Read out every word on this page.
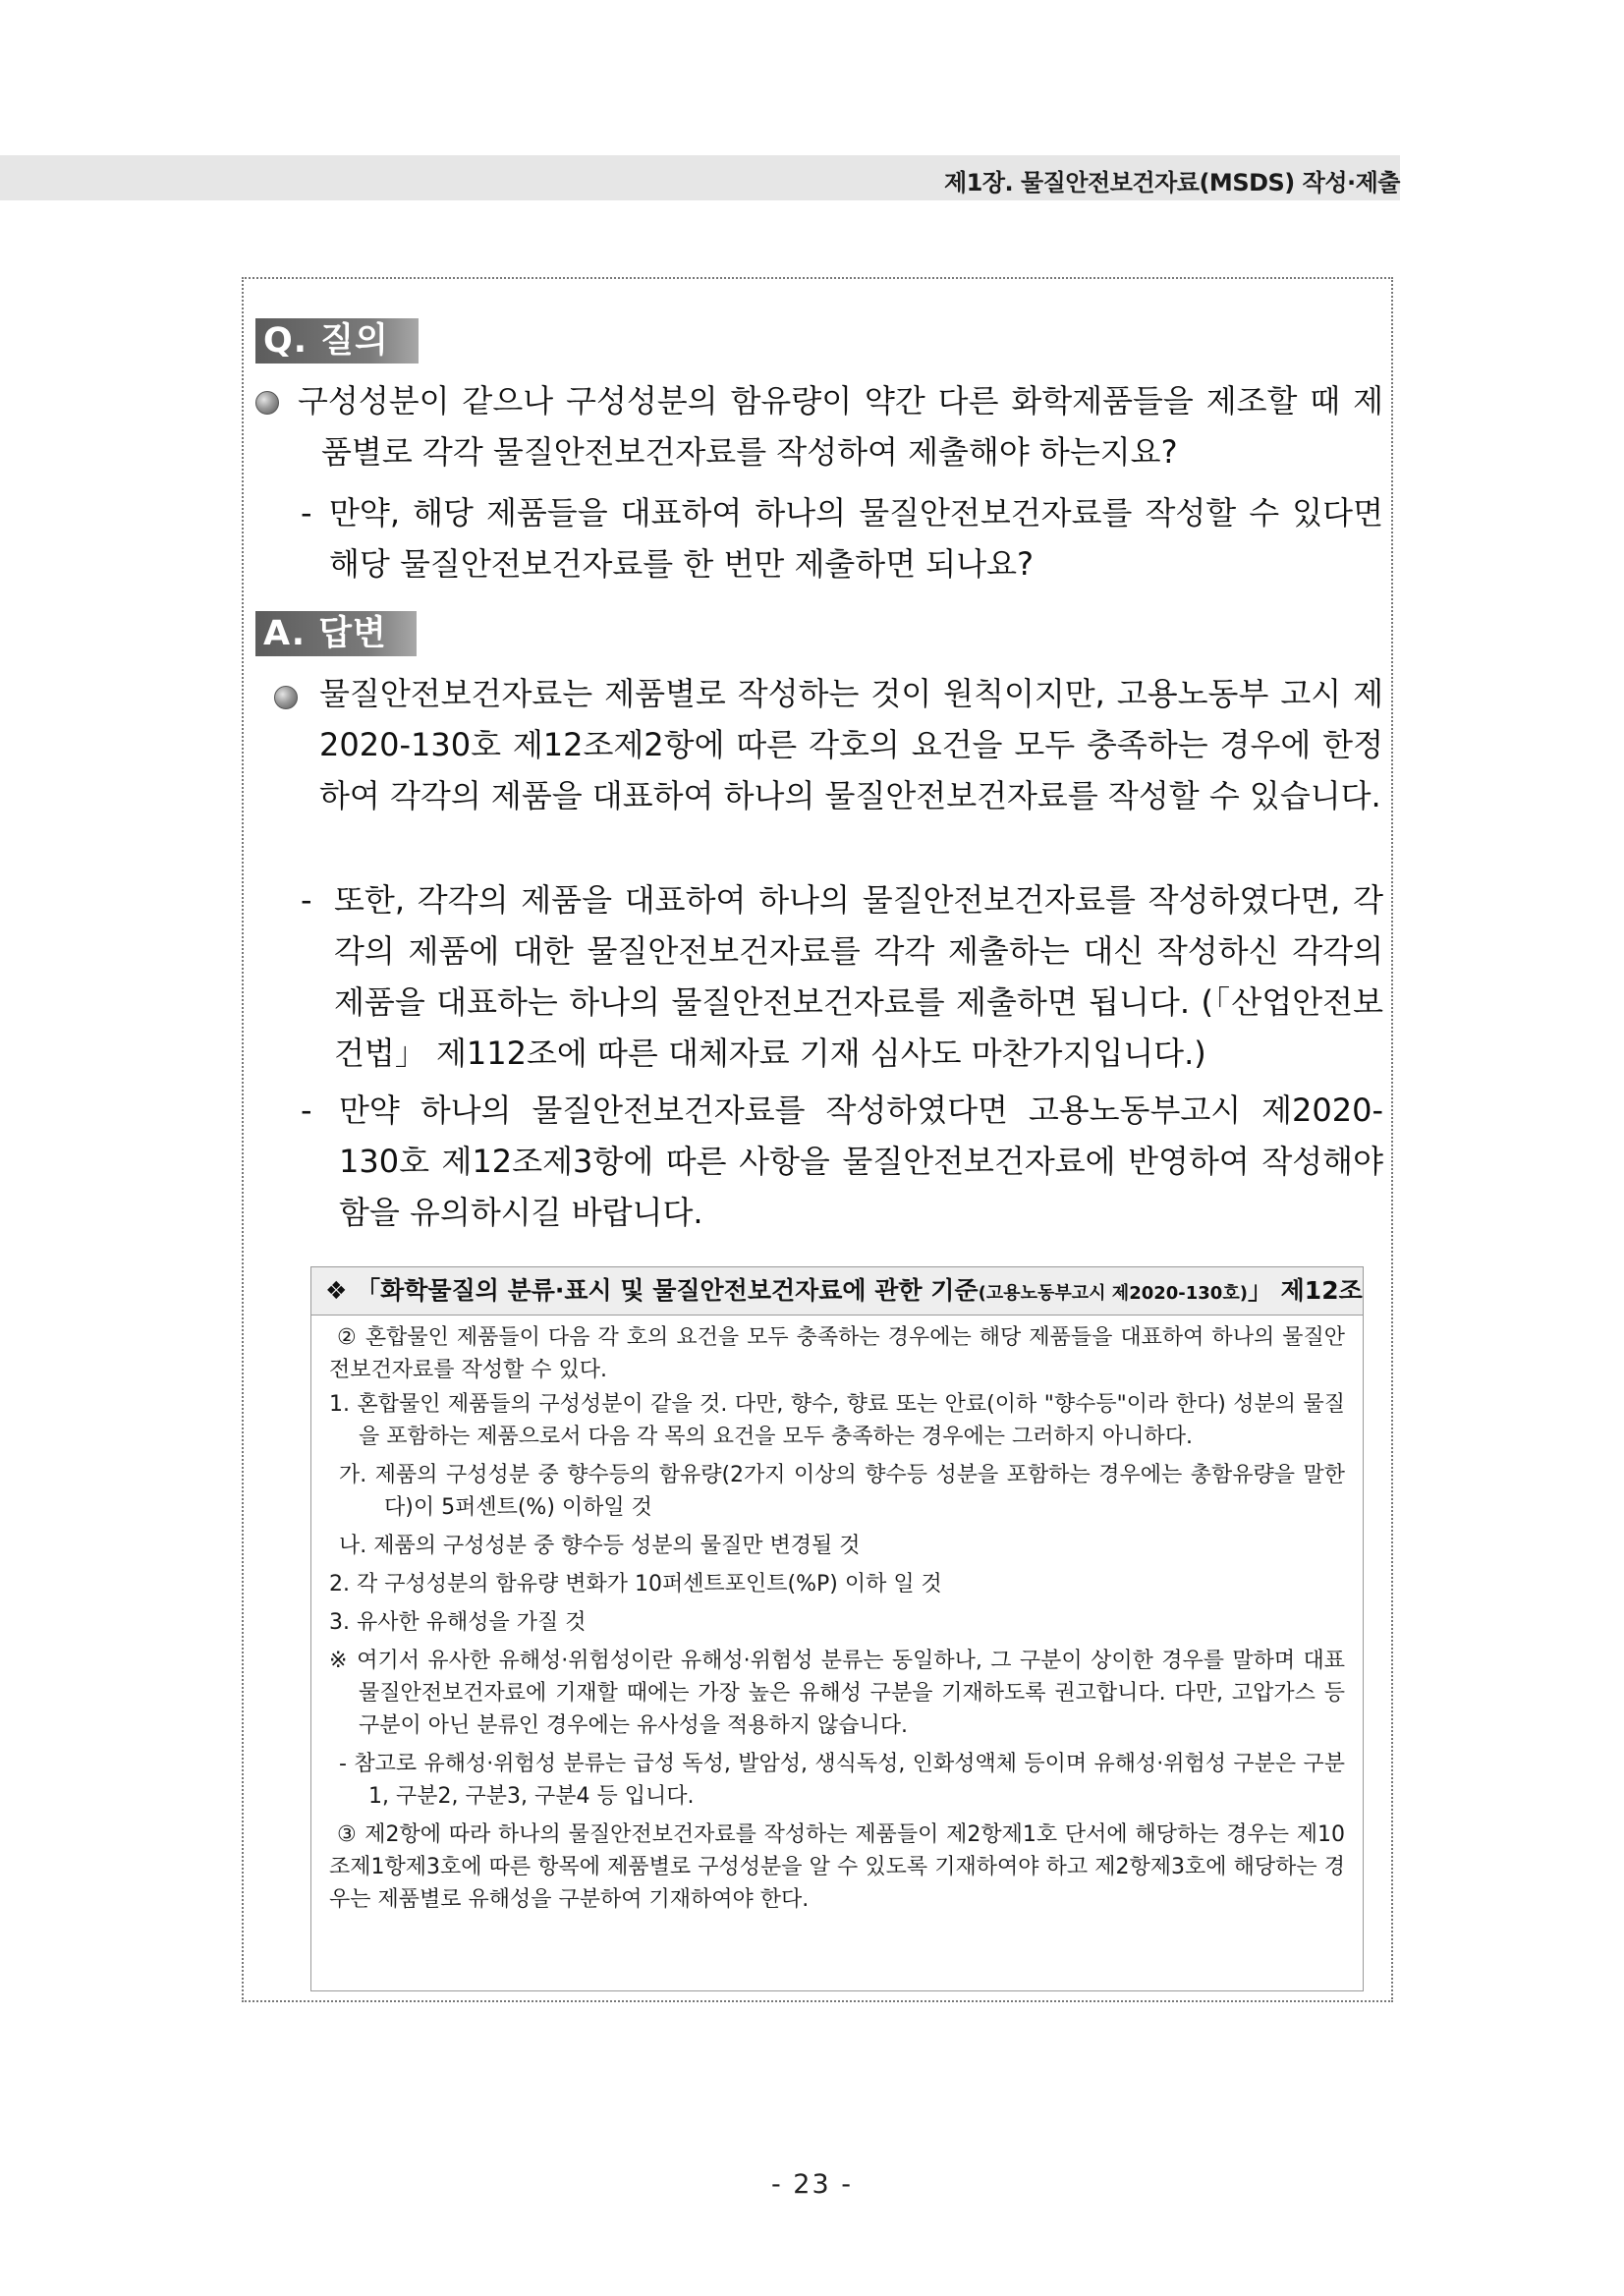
제1장. 물질안전보건자료(MSDS) 작성·제출
Q. 질의

구성성분이 같으나 구성성분의 함유량이 약간 다른 화학제품들을 제조할 때 제품별로 각각 물질안전보건자료를 작성하여 제출해야 하는지요?

- 만약, 해당 제품들을 대표하여 하나의 물질안전보건자료를 작성할 수 있다면 해당 물질안전보건자료를 한 번만 제출하면 되나요?

A. 답변

물질안전보건자료는 제품별로 작성하는 것이 원칙이지만, 고용노동부 고시 제2020-130호 제12조제2항에 따른 각호의 요건을 모두 충족하는 경우에 한정하여 각각의 제품을 대표하여 하나의 물질안전보건자료를 작성할 수 있습니다.

- 또한, 각각의 제품을 대표하여 하나의 물질안전보건자료를 작성하였다면, 각각의 제품에 대한 물질안전보건자료를 각각 제출하는 대신 작성하신 각각의 제품을 대표하는 하나의 물질안전보건자료를 제출하면 됩니다. (「산업안전보건법」 제112조에 따른 대체자료 기재 심사도 마찬가지입니다.)

- 만약 하나의 물질안전보건자료를 작성하였다면 고용노동부고시 제2020-130호 제12조제3항에 따른 사항을 물질안전보건자료에 반영하여 작성해야함을 유의하시길 바랍니다.

❖ 「화학물질의 분류·표시 및 물질안전보건자료에 관한 기준(고용노동부고시 제2020-130호)」 제12조

② 혼합물인 제품들이 다음 각 호의 요건을 모두 충족하는 경우에는 해당 제품들을 대표하여 하나의 물질안전보건자료를 작성할 수 있다.

1. 혼합물인 제품들의 구성성분이 같을 것. 다만, 향수, 향료 또는 안료(이하 "향수등"이라 한다) 성분의 물질을 포함하는 제품으로서 다음 각 목의 요건을 모두 충족하는 경우에는 그러하지 아니하다.

가. 제품의 구성성분 중 향수등의 함유량(2가지 이상의 향수등 성분을 포함하는 경우에는 총함유량을 말한다)이 5퍼센트(%) 이하일 것

나. 제품의 구성성분 중 향수등 성분의 물질만 변경될 것

2. 각 구성성분의 함유량 변화가 10퍼센트포인트(%P) 이하 일 것

3. 유사한 유해성을 가질 것

※ 여기서 유사한 유해성·위험성이란 유해성·위험성 분류는 동일하나, 그 구분이 상이한 경우를 말하며 대표 물질안전보건자료에 기재할 때에는 가장 높은 유해성 구분을 기재하도록 권고합니다. 다만, 고압가스 등 구분이 아닌 분류인 경우에는 유사성을 적용하지 않습니다.

- 참고로 유해성·위험성 분류는 급성 독성, 발암성, 생식독성, 인화성액체 등이며 유해성·위험성 구분은 구분1, 구분2, 구분3, 구분4 등 입니다.

③ 제2항에 따라 하나의 물질안전보건자료를 작성하는 제품들이 제2항제1호 단서에 해당하는 경우는 제10조제1항제3호에 따른 항목에 제품별로 구성성분을 알 수 있도록 기재하여야 하고 제2항제3호에 해당하는 경우는 제품별로 유해성을 구분하여 기재하여야 한다.

- 23 -
